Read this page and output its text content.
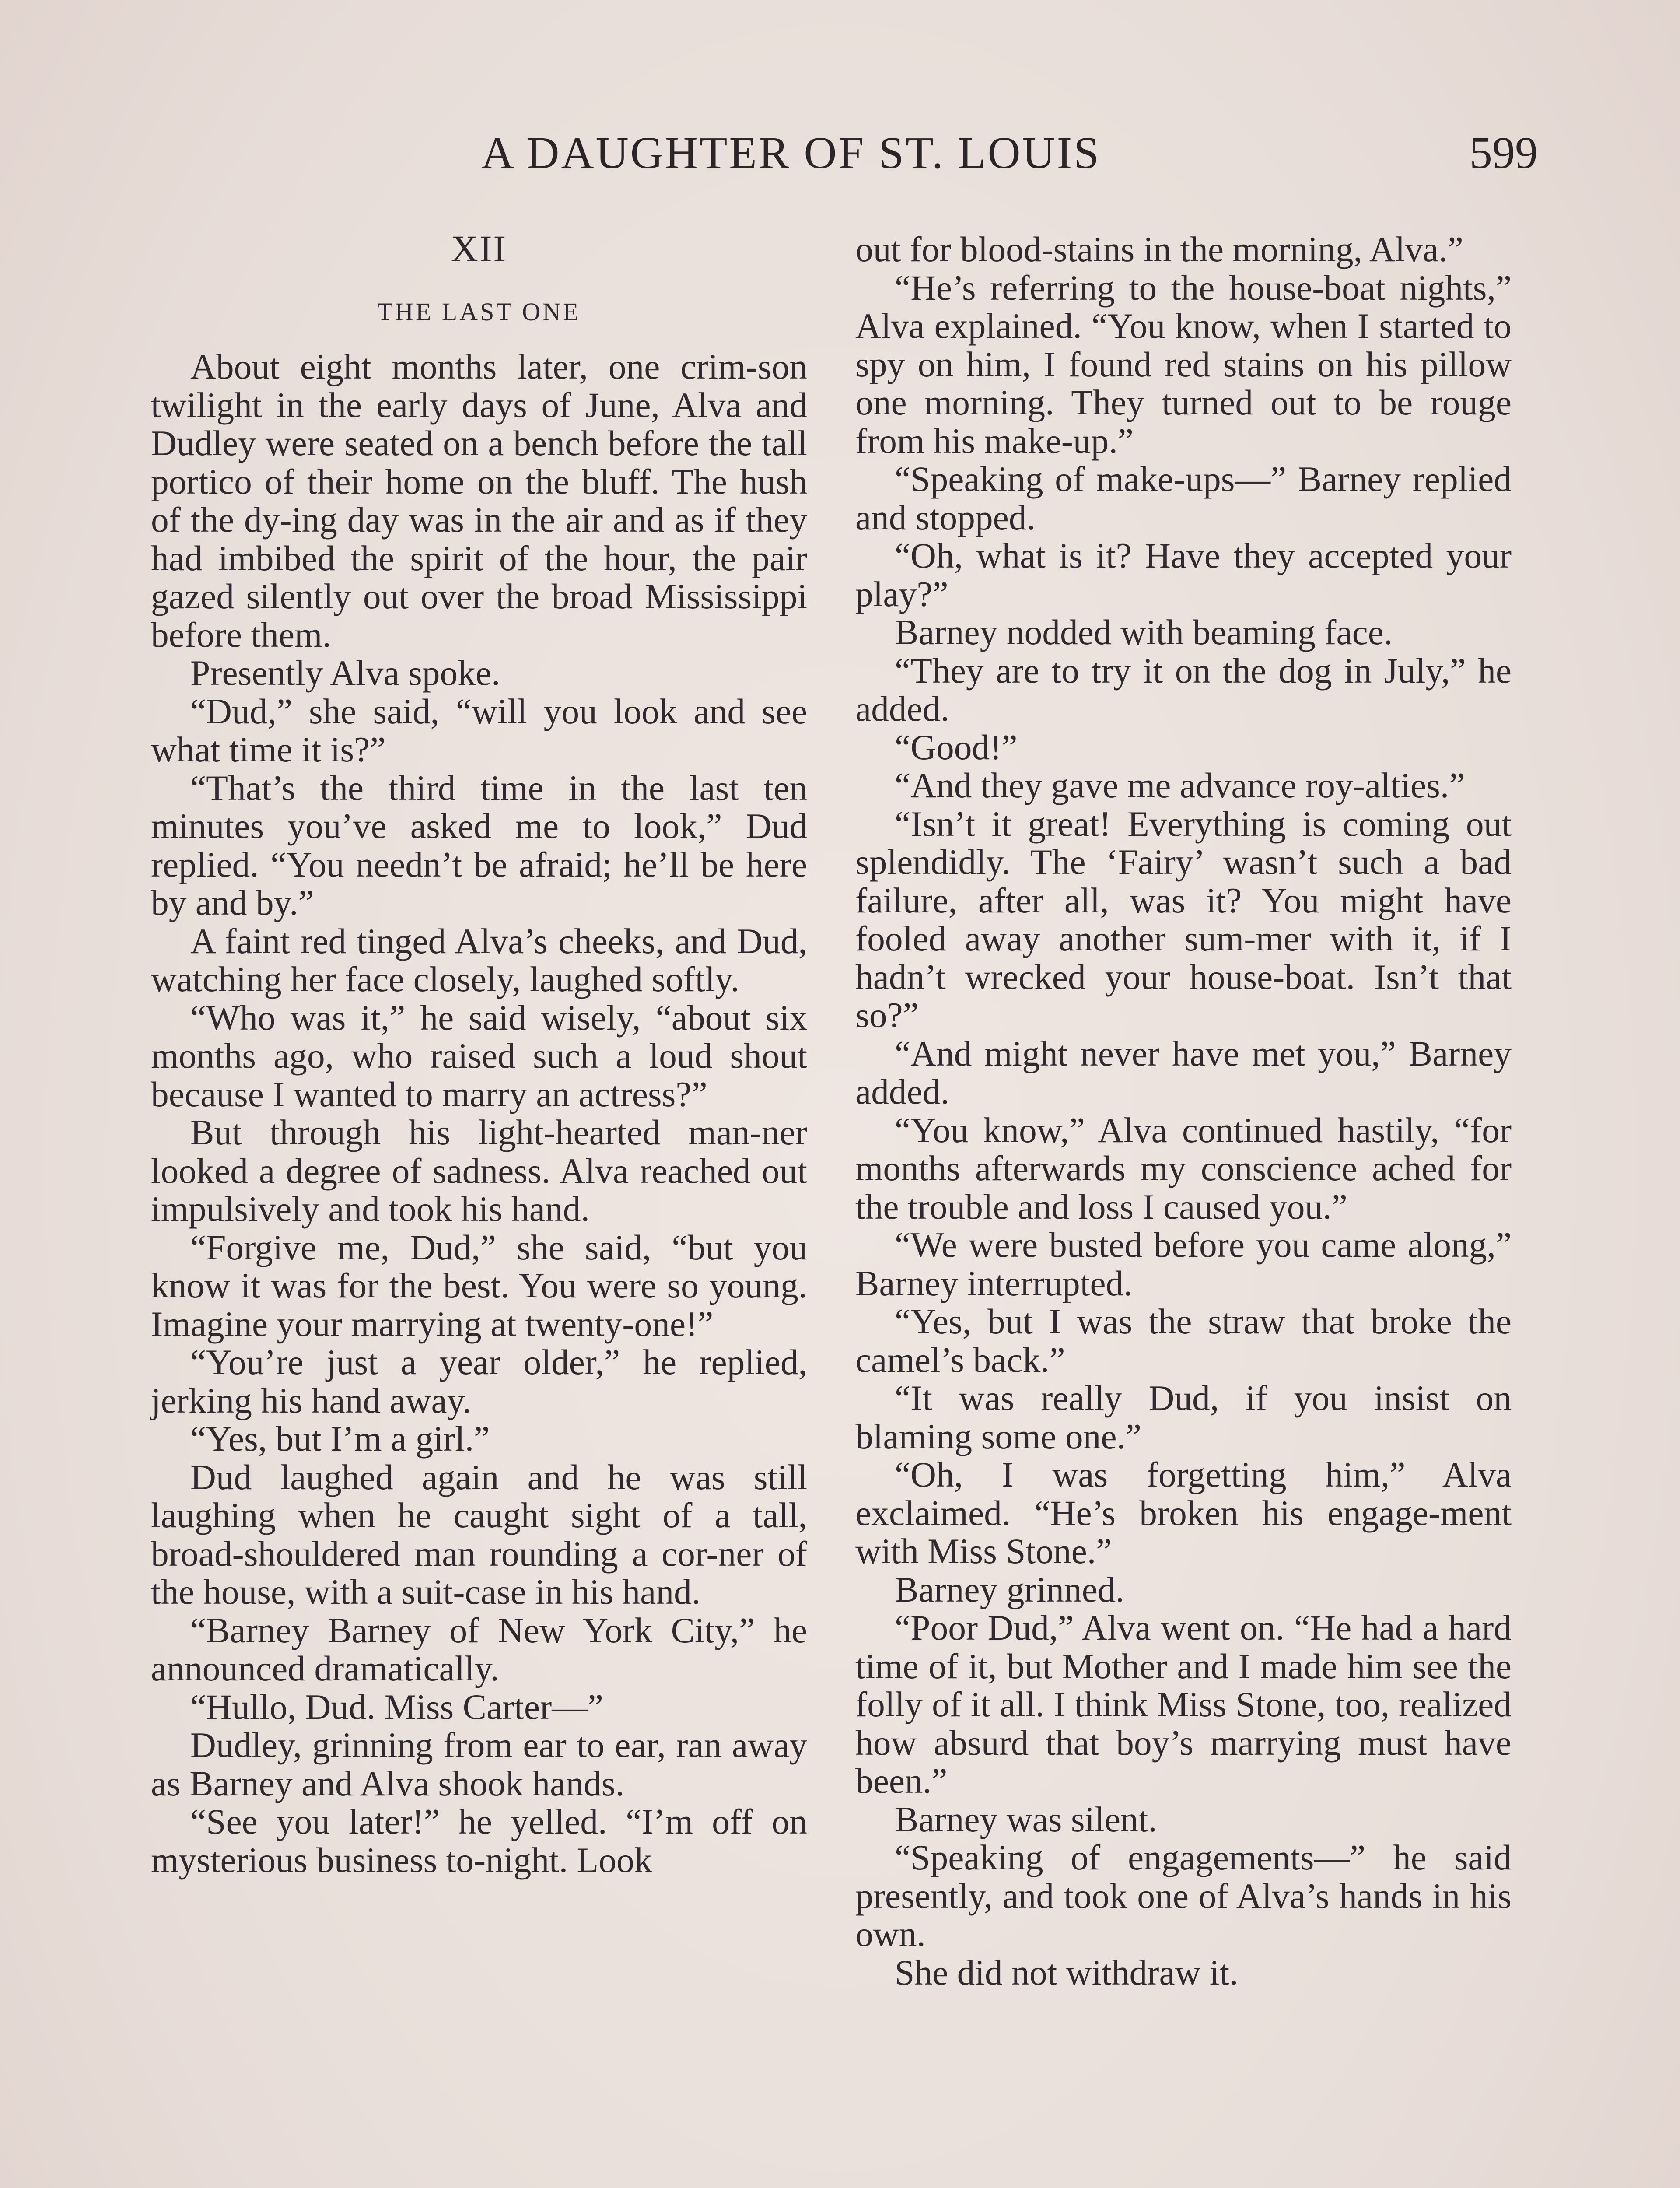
A DAUGHTER OF ST. LOUIS	599
XII
THE LAST ONE

About eight months later, one crim-son twilight in the early days of June, Alva and Dudley were seated on a bench before the tall portico of their home on the bluff. The hush of the dy-ing day was in the air and as if they had imbibed the spirit of the hour, the pair gazed silently out over the broad Mississippi before them.

Presently Alva spoke.

“Dud,” she said, “will you look and see what time it is?”

“That’s the third time in the last ten minutes you’ve asked me to look,” Dud replied. “You needn’t be afraid; he’ll be here by and by.”

A faint red tinged Alva’s cheeks, and Dud, watching her face closely, laughed softly.

“Who was it,” he said wisely, “about six months ago, who raised such a loud shout because I wanted to marry an actress?”

But through his light-hearted man-ner looked a degree of sadness. Alva reached out impulsively and took his hand.

“Forgive me, Dud,” she said, “but you know it was for the best. You were so young. Imagine your marrying at twenty-one!”

“You’re just a year older,” he replied, jerking his hand away.

“Yes, but I’m a girl.”

Dud laughed again and he was still laughing when he caught sight of a tall, broad-shouldered man rounding a cor-ner of the house, with a suit-case in his hand.

“Barney Barney of New York City,” he announced dramatically.

“Hullo, Dud. Miss Carter—”

Dudley, grinning from ear to ear, ran away as Barney and Alva shook hands.

“See you later!” he yelled. “I’m off on mysterious business to-night. Look

out for blood-stains in the morning, Alva.”

“He’s referring to the house-boat nights,” Alva explained. “You know, when I started to spy on him, I found red stains on his pillow one morning. They turned out to be rouge from his make-up.”

“Speaking of make-ups—” Barney replied and stopped.

“Oh, what is it? Have they accepted your play?”

Barney nodded with beaming face.

“They are to try it on the dog in July,” he added.

“Good!”

“And they gave me advance roy-alties.”

“Isn’t it great! Everything is coming out splendidly. The ‘Fairy’ wasn’t such a bad failure, after all, was it? You might have fooled away another sum-mer with it, if I hadn’t wrecked your house-boat. Isn’t that so?”

“And might never have met you,” Barney added.

“You know,” Alva continued hastily, “for months afterwards my conscience ached for the trouble and loss I caused you.”

“We were busted before you came along,” Barney interrupted.

“Yes, but I was the straw that broke the camel’s back.”

“It was really Dud, if you insist on blaming some one.”

“Oh, I was forgetting him,” Alva exclaimed. “He’s broken his engage-ment with Miss Stone.”

Barney grinned.

“Poor Dud,” Alva went on. “He had a hard time of it, but Mother and I made him see the folly of it all. I think Miss Stone, too, realized how absurd that boy’s marrying must have been.”

Barney was silent.

“Speaking of engagements—” he said presently, and took one of Alva’s hands in his own.

She did not withdraw it.
